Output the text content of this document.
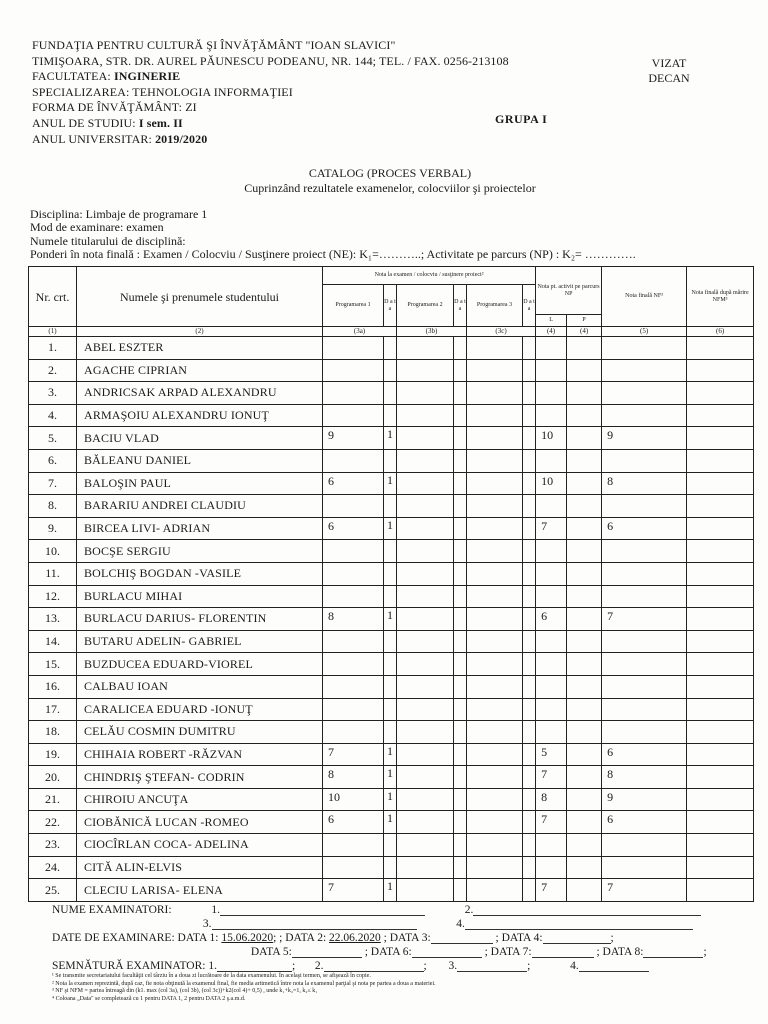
FUNDAŢIA PENTRU CULTURĂ ŞI ÎNVĂŢĂMÂNT "IOAN SLAVICI"
TIMIŞOARA, STR. DR. AUREL PĂUNESCU PODEANU, NR. 144; TEL. / FAX. 0256-213108
FACULTATEA: INGINERIE
SPECIALIZAREA: TEHNOLOGIA INFORMAŢIEI
FORMA DE ÎNVĂŢĂMÂNT: ZI
ANUL DE STUDIU: I sem. II
ANUL UNIVERSITAR: 2019/2020
VIZAT
DECAN
GRUPA I
CATALOG (PROCES VERBAL)
Cuprinzând rezultatele examenelor, colocviilor şi proiectelor
Disciplina: Limbaje de programare 1
Mod de examinare: examen
Numele titularului de disciplină:
Ponderi în nota finală : Examen / Colocviu / Susţinere proiect (NE): K₁=………..; Activitate pe parcurs (NP) : K₂= ………….
Nr. crt.	Numele şi prenumele studentului	Nota la examen / colocviu / susţinere proiect²						Nota pt. activit pe parcurs NP		Nota finală NF³	Nota finală după mărire NFM³
		Programarea 1	D a t a	Programarea 2	D a t a	Programarea 3	D a t a				
								L	P		
(1)	(2)	(3a)		(3b)		(3c)		(4)	(4)	(5)	(6)
1.	ABEL ESZTER										
2.	AGACHE CIPRIAN										
3.	ANDRICSAK ARPAD ALEXANDRU										
4.	ARMAŞOIU ALEXANDRU IONUŢ										
5.	BACIU VLAD	9	1					10		9	
6.	BĂLEANU DANIEL										
7.	BALOŞIN PAUL	6	1					10		8	
8.	BARARIU ANDREI CLAUDIU										
9.	BIRCEA LIVI- ADRIAN	6	1					7		6	
10.	BOCŞE SERGIU										
11.	BOLCHIŞ BOGDAN -VASILE										
12.	BURLACU MIHAI										
13.	BURLACU DARIUS- FLORENTIN	8	1					6		7	
14.	BUTARU ADELIN- GABRIEL										
15.	BUZDUCEA EDUARD-VIOREL										
16.	CALBAU IOAN										
17.	CARALICEA EDUARD -IONUŢ										
18.	CELĂU COSMIN DUMITRU										
19.	CHIHAIA ROBERT -RĂZVAN	7	1					5		6	
20.	CHINDRIŞ ŞTEFAN- CODRIN	8	1					7		8	
21.	CHIROIU ANCUŢA	10	1					8		9	
22.	CIOBĂNICĂ LUCAN -ROMEO	6	1					7		6	
23.	CIOCÎRLAN COCA- ADELINA										
24.	CITĂ ALIN-ELVIS										
25.	CLECIU LARISA- ELENA	7	1					7		7	
NUME EXAMINATORI:	1.	2.
3.	4.
DATE DE EXAMINARE: DATA 1: 15.06.2020; ; DATA 2: 22.06.2020 ; DATA 3:	; DATA 4:	;
DATA 5:	; DATA 6:	; DATA 7:	; DATA 8:	;
SEMNĂTURĂ EXAMINATOR: 1.	; 2.	; 3.	;	4.
¹ Se transmite secretariatului facultăţii cel târziu în a doua zi lucrătoare de la data examenului. În acelaşi termen, se afişează în copie.
² Nota la examen reprezintă, după caz, fie nota obţinută la examenul final, fie media aritmetică între nota la examenul parţial şi nota pe partea a doua a materiei.
³ NF şi NFM = partea întreagă din (k1. max (col 3a), (col 3b), (col 3c))+k2(col 4)+ 0,5) , unde k₁+k₂=1, k₂≤ k₁
⁴ Coloana „Data" se completează cu 1 pentru DATA 1, 2 pentru DATA 2 ş.a.m.d.
